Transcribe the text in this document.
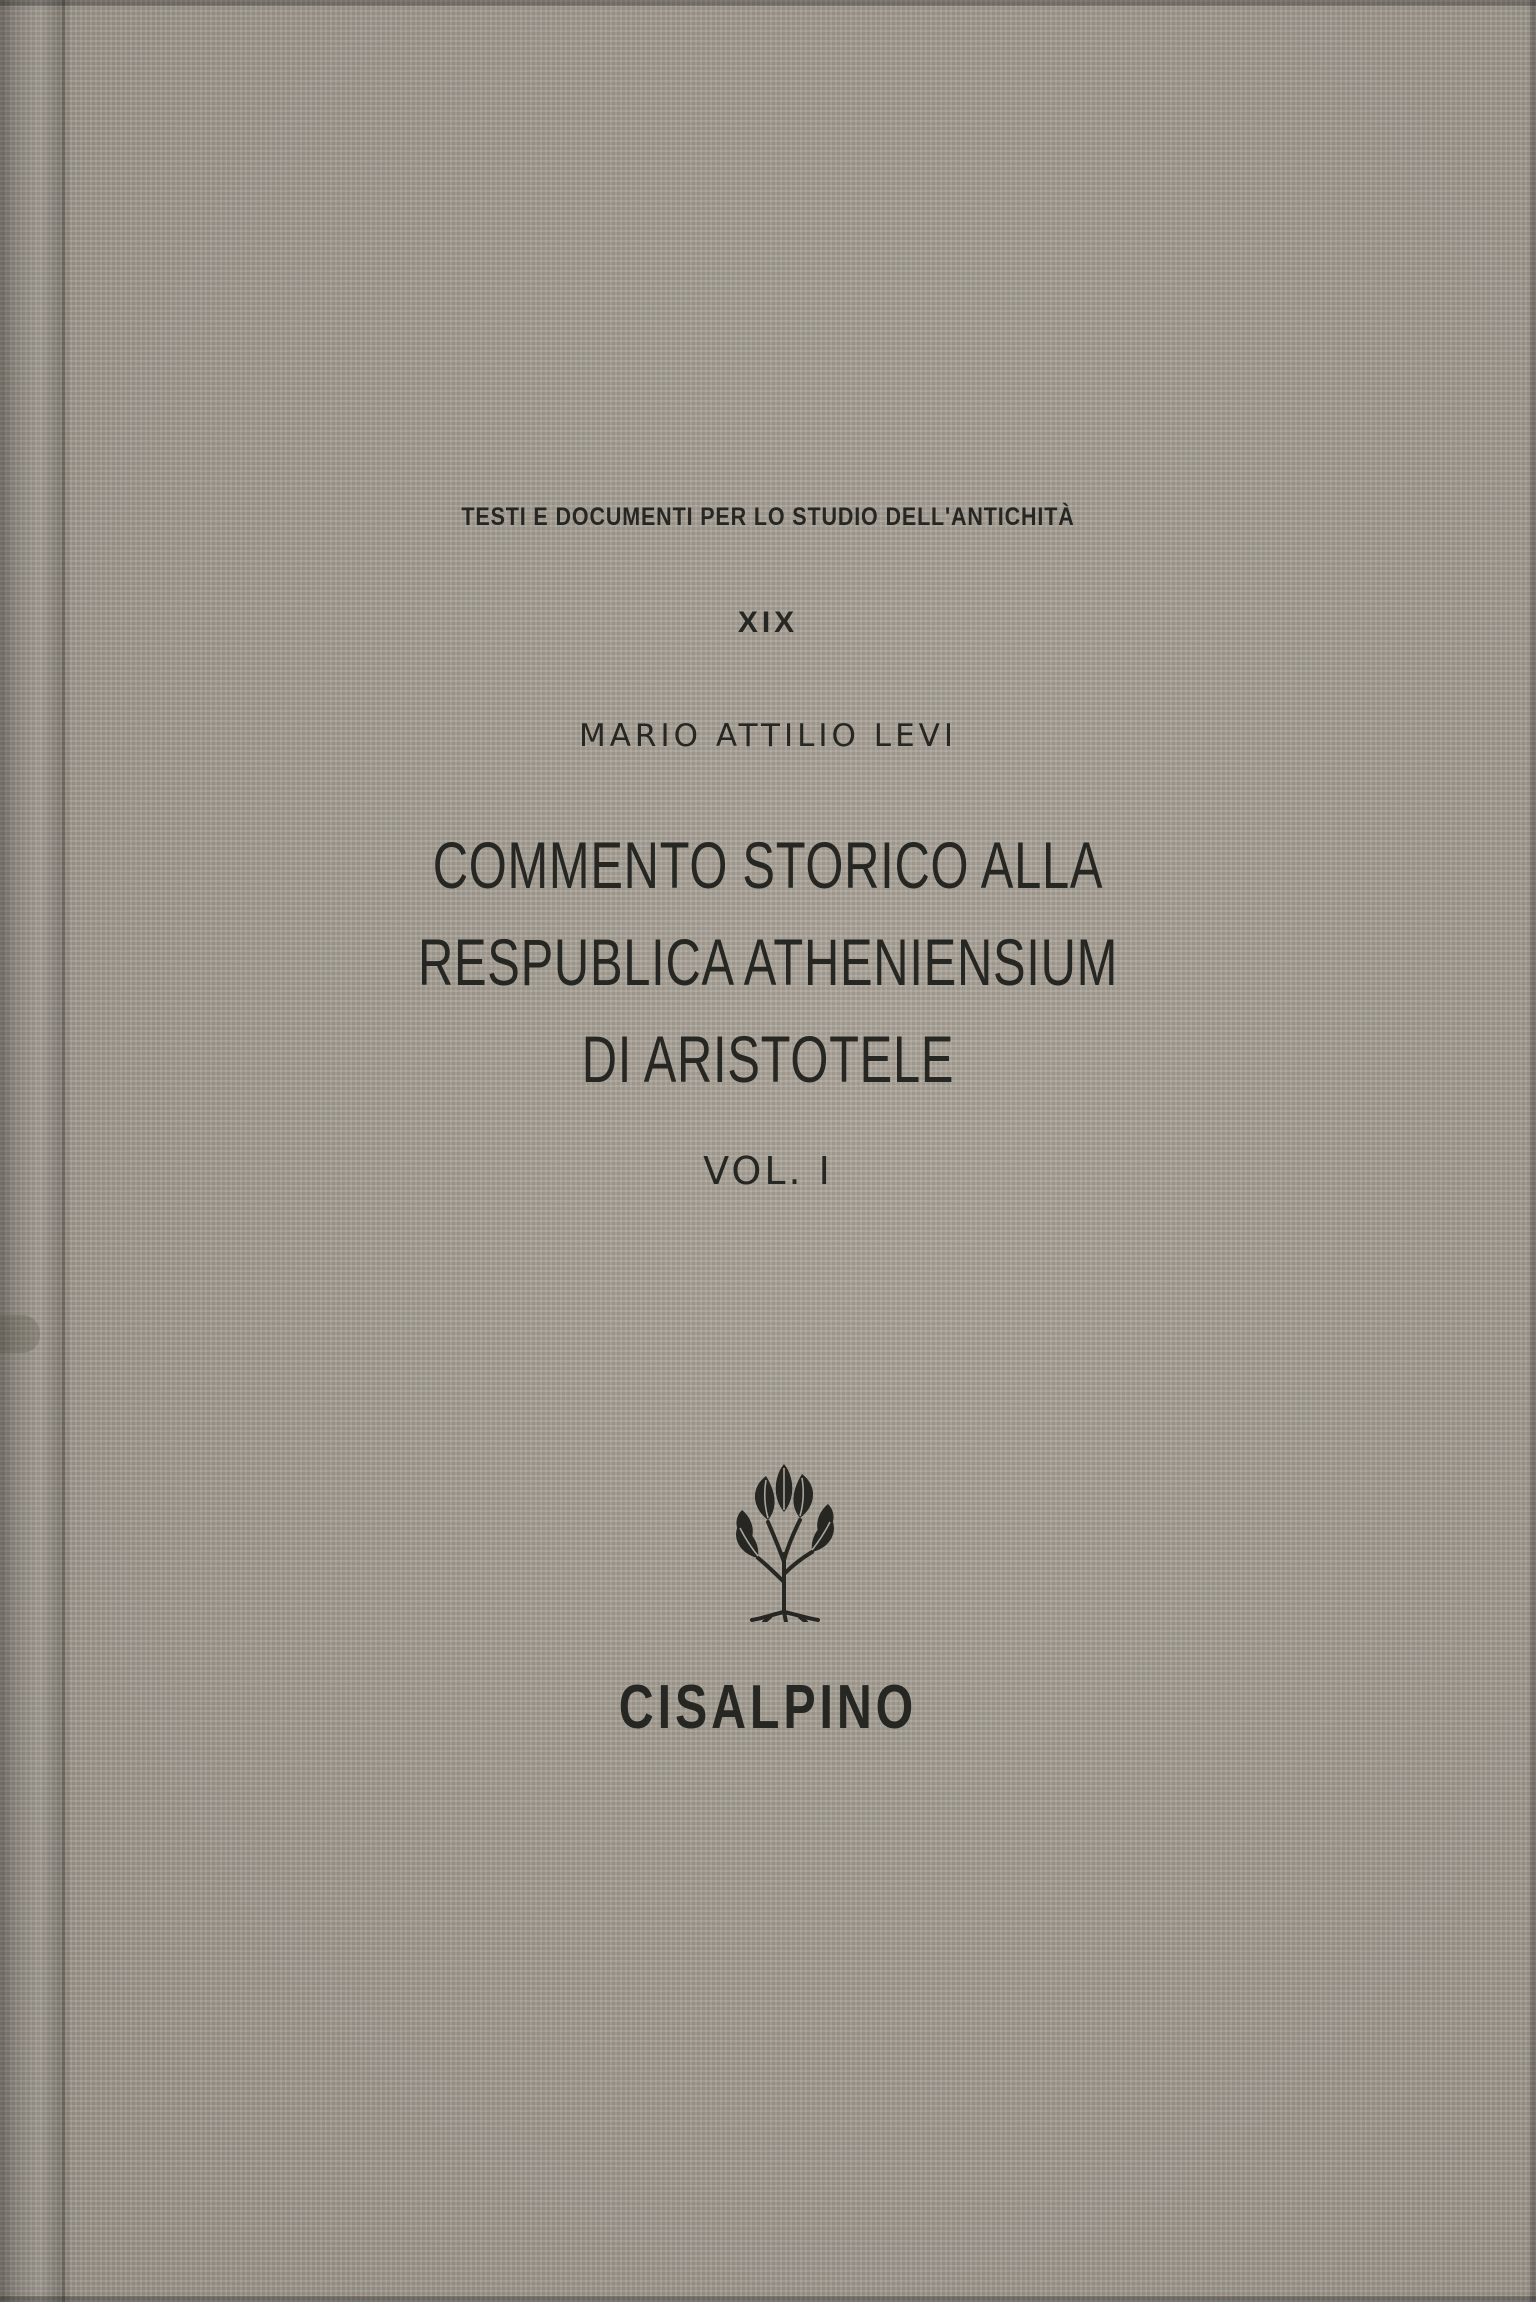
TESTI E DOCUMENTI PER LO STUDIO DELL'ANTICHITÀ

XIX

MARIO ATTILIO LEVI

COMMENTO STORICO ALLA

RESPUBLICA ATHENIENSIUM

DI ARISTOTELE

VOL. I

CISALPINO
